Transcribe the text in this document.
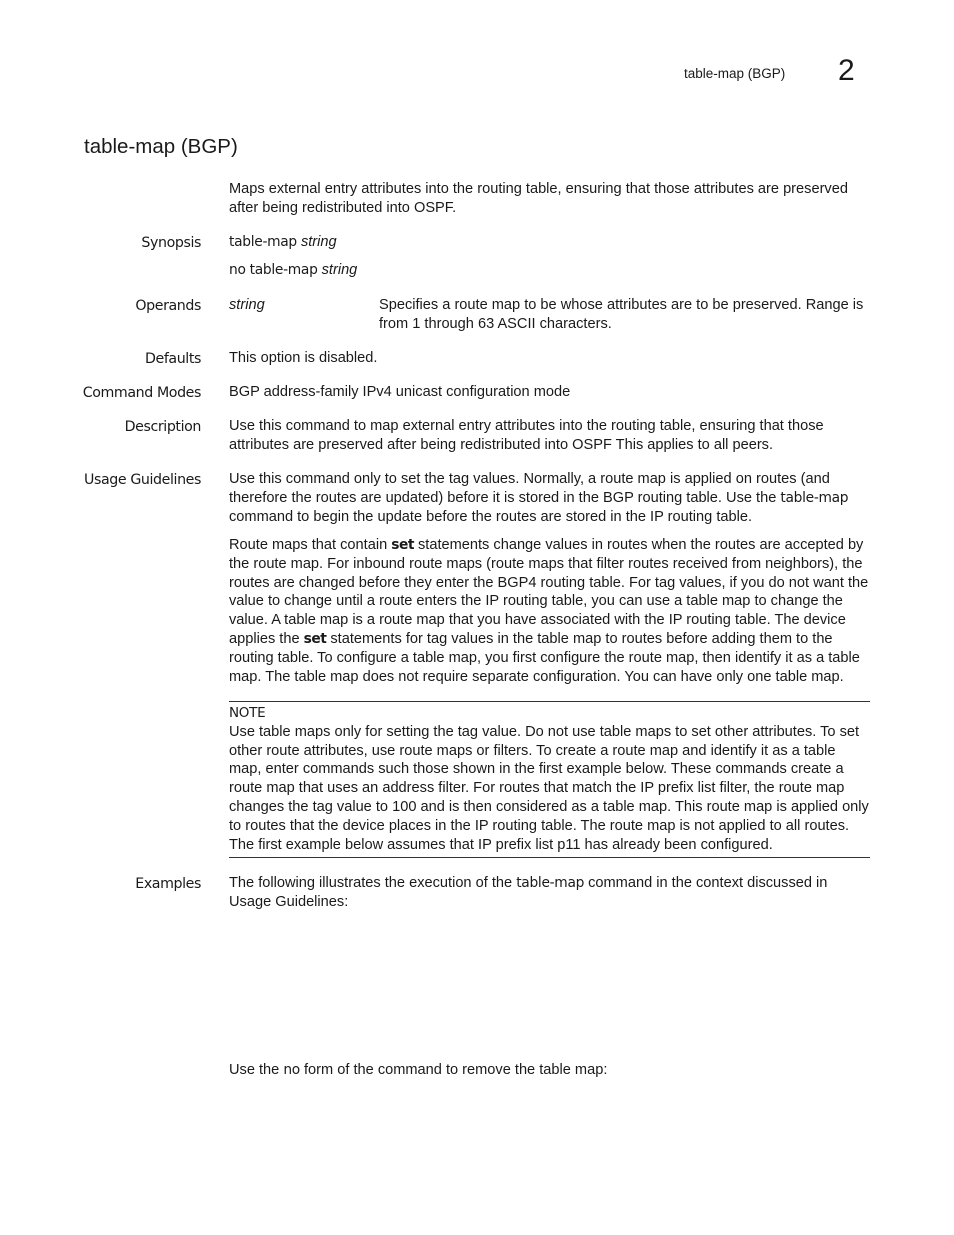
table-map (BGP) 2
table-map (BGP)
Maps external entry attributes into the routing table, ensuring that those attributes are preserved after being redistributed into OSPF.
Synopsis table-map string
no table-map string
Operands string	Specifies a route map to be whose attributes are to be preserved. Range is from 1 through 63 ASCII characters.
Defaults This option is disabled.
Command Modes BGP address-family IPv4 unicast configuration mode
Description Use this command to map external entry attributes into the routing table, ensuring that those attributes are preserved after being redistributed into OSPF This applies to all peers.
Usage Guidelines Use this command only to set the tag values. Normally, a route map is applied on routes (and therefore the routes are updated) before it is stored in the BGP routing table. Use the table-map command to begin the update before the routes are stored in the IP routing table.
Route maps that contain set statements change values in routes when the routes are accepted by the route map. For inbound route maps (route maps that filter routes received from neighbors), the routes are changed before they enter the BGP4 routing table. For tag values, if you do not want the value to change until a route enters the IP routing table, you can use a table map to change the value. A table map is a route map that you have associated with the IP routing table. The device applies the set statements for tag values in the table map to routes before adding them to the routing table. To configure a table map, you first configure the route map, then identify it as a table map. The table map does not require separate configuration. You can have only one table map.
NOTE
Use table maps only for setting the tag value. Do not use table maps to set other attributes. To set other route attributes, use route maps or filters. To create a route map and identify it as a table map, enter commands such those shown in the first example below. These commands create a route map that uses an address filter. For routes that match the IP prefix list filter, the route map changes the tag value to 100 and is then considered as a table map. This route map is applied only to routes that the device places in the IP routing table. The route map is not applied to all routes. The first example below assumes that IP prefix list p11 has already been configured.
Examples The following illustrates the execution of the table-map command in the context discussed in Usage Guidelines:
Use the no form of the command to remove the table map:
